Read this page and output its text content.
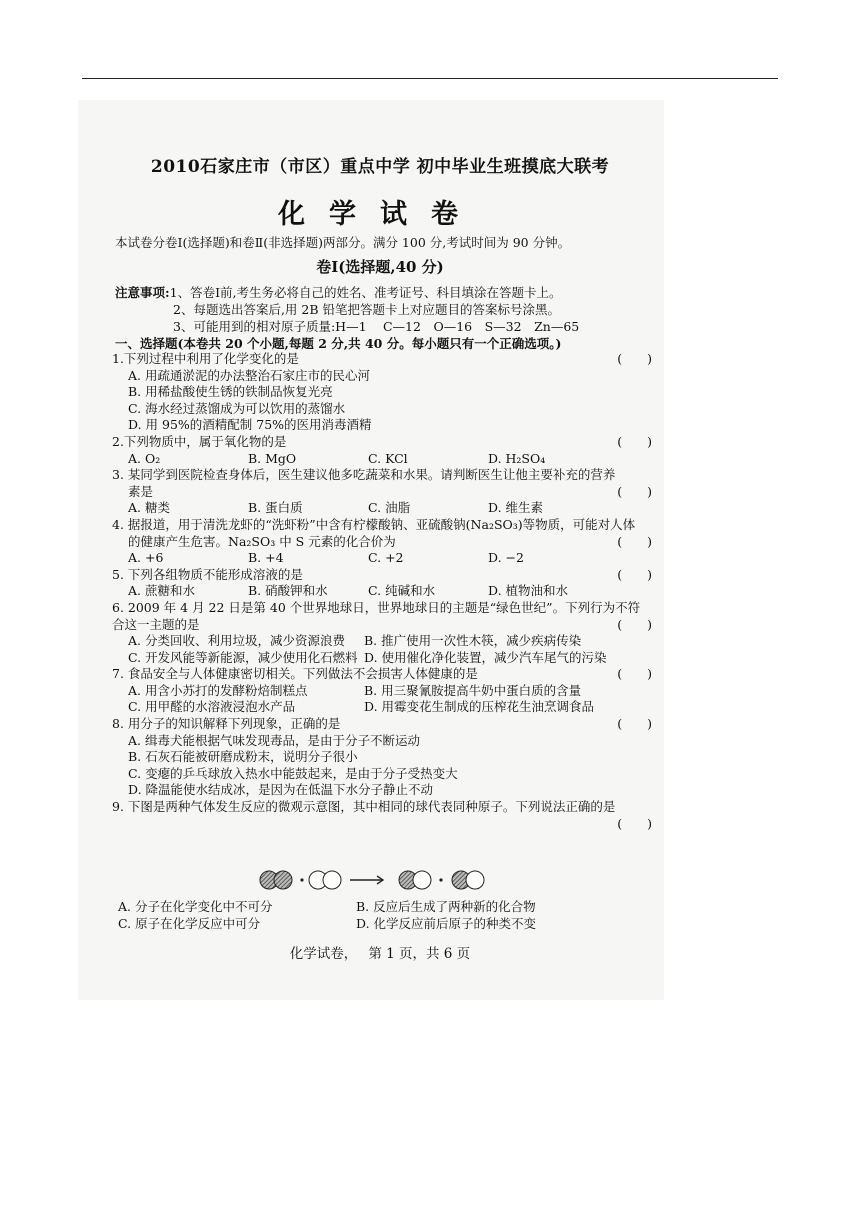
2010石家庄市（市区）重点中学 初中毕业生班摸底大联考
化学试卷
本试卷分卷Ⅰ(选择题)和卷Ⅱ(非选择题)两部分。满分 100 分,考试时间为 90 分钟。
卷Ⅰ(选择题,40 分)
注意事项:1、答卷Ⅰ前,考生务必将自己的姓名、准考证号、科目填涂在答题卡上。
2、每题选出答案后,用 2B 铅笔把答题卡上对应题目的答案标号涂黑。
3、可能用到的相对原子质量:H—1　 C—12　O—16　S—32　Zn—65
一、选择题(本卷共 20 个小题,每题 2 分,共 40 分。每小题只有一个正确选项。)
1.下列过程中利用了化学变化的是	(　　)
A. 用疏通淤泥的办法整治石家庄市的民心河
B. 用稀盐酸使生锈的铁制品恢复光亮
C. 海水经过蒸馏成为可以饮用的蒸馏水
D. 用 95%的酒精配制 75%的医用消毒酒精
2.下列物质中，属于氧化物的是	(　　)
A. O₂	B. MgO	C. KCl	D. H₂SO₄
3. 某同学到医院检查身体后，医生建议他多吃蔬菜和水果。请判断医生让他主要补充的营养
素是	(　　)
A. 糖类	B. 蛋白质	C. 油脂	D. 维生素
4. 据报道，用于清洗龙虾的“洗虾粉”中含有柠檬酸钠、亚硫酸钠(Na₂SO₃)等物质，可能对人体
的健康产生危害。Na₂SO₃ 中 S 元素的化合价为	(　　)
A. +6	B. +4	C. +2	D. −2
5. 下列各组物质不能形成溶液的是	(　　)
A. 蔗糖和水	B. 硝酸钾和水	C. 纯碱和水	D. 植物油和水
6. 2009 年 4 月 22 日是第 40 个世界地球日，世界地球日的主题是“绿色世纪”。下列行为不符
合这一主题的是	(　　)
A. 分类回收、利用垃圾，减少资源浪费	B. 推广使用一次性木筷，减少疾病传染
C. 开发风能等新能源，减少使用化石燃料 D. 使用催化净化装置，减少汽车尾气的污染
7. 食品安全与人体健康密切相关。下列做法不会损害人体健康的是	(　　)
A. 用含小苏打的发酵粉焙制糕点	B. 用三聚氰胺提高牛奶中蛋白质的含量
C. 用甲醛的水溶液浸泡水产品	D. 用霉变花生制成的压榨花生油烹调食品
8. 用分子的知识解释下列现象，正确的是	(　　)
A. 缉毒犬能根据气味发现毒品，是由于分子不断运动
B. 石灰石能被研磨成粉末，说明分子很小
C. 变瘪的乒乓球放入热水中能鼓起来，是由于分子受热变大
D. 降温能使水结成冰，是因为在低温下水分子静止不动
9. 下图是两种气体发生反应的微观示意图，其中相同的球代表同种原子。下列说法正确的是
(　　)
A. 分子在化学变化中不可分	B. 反应后生成了两种新的化合物
C. 原子在化学反应中可分	D. 化学反应前后原子的种类不变
化学试卷，　 第 1 页，共 6 页
